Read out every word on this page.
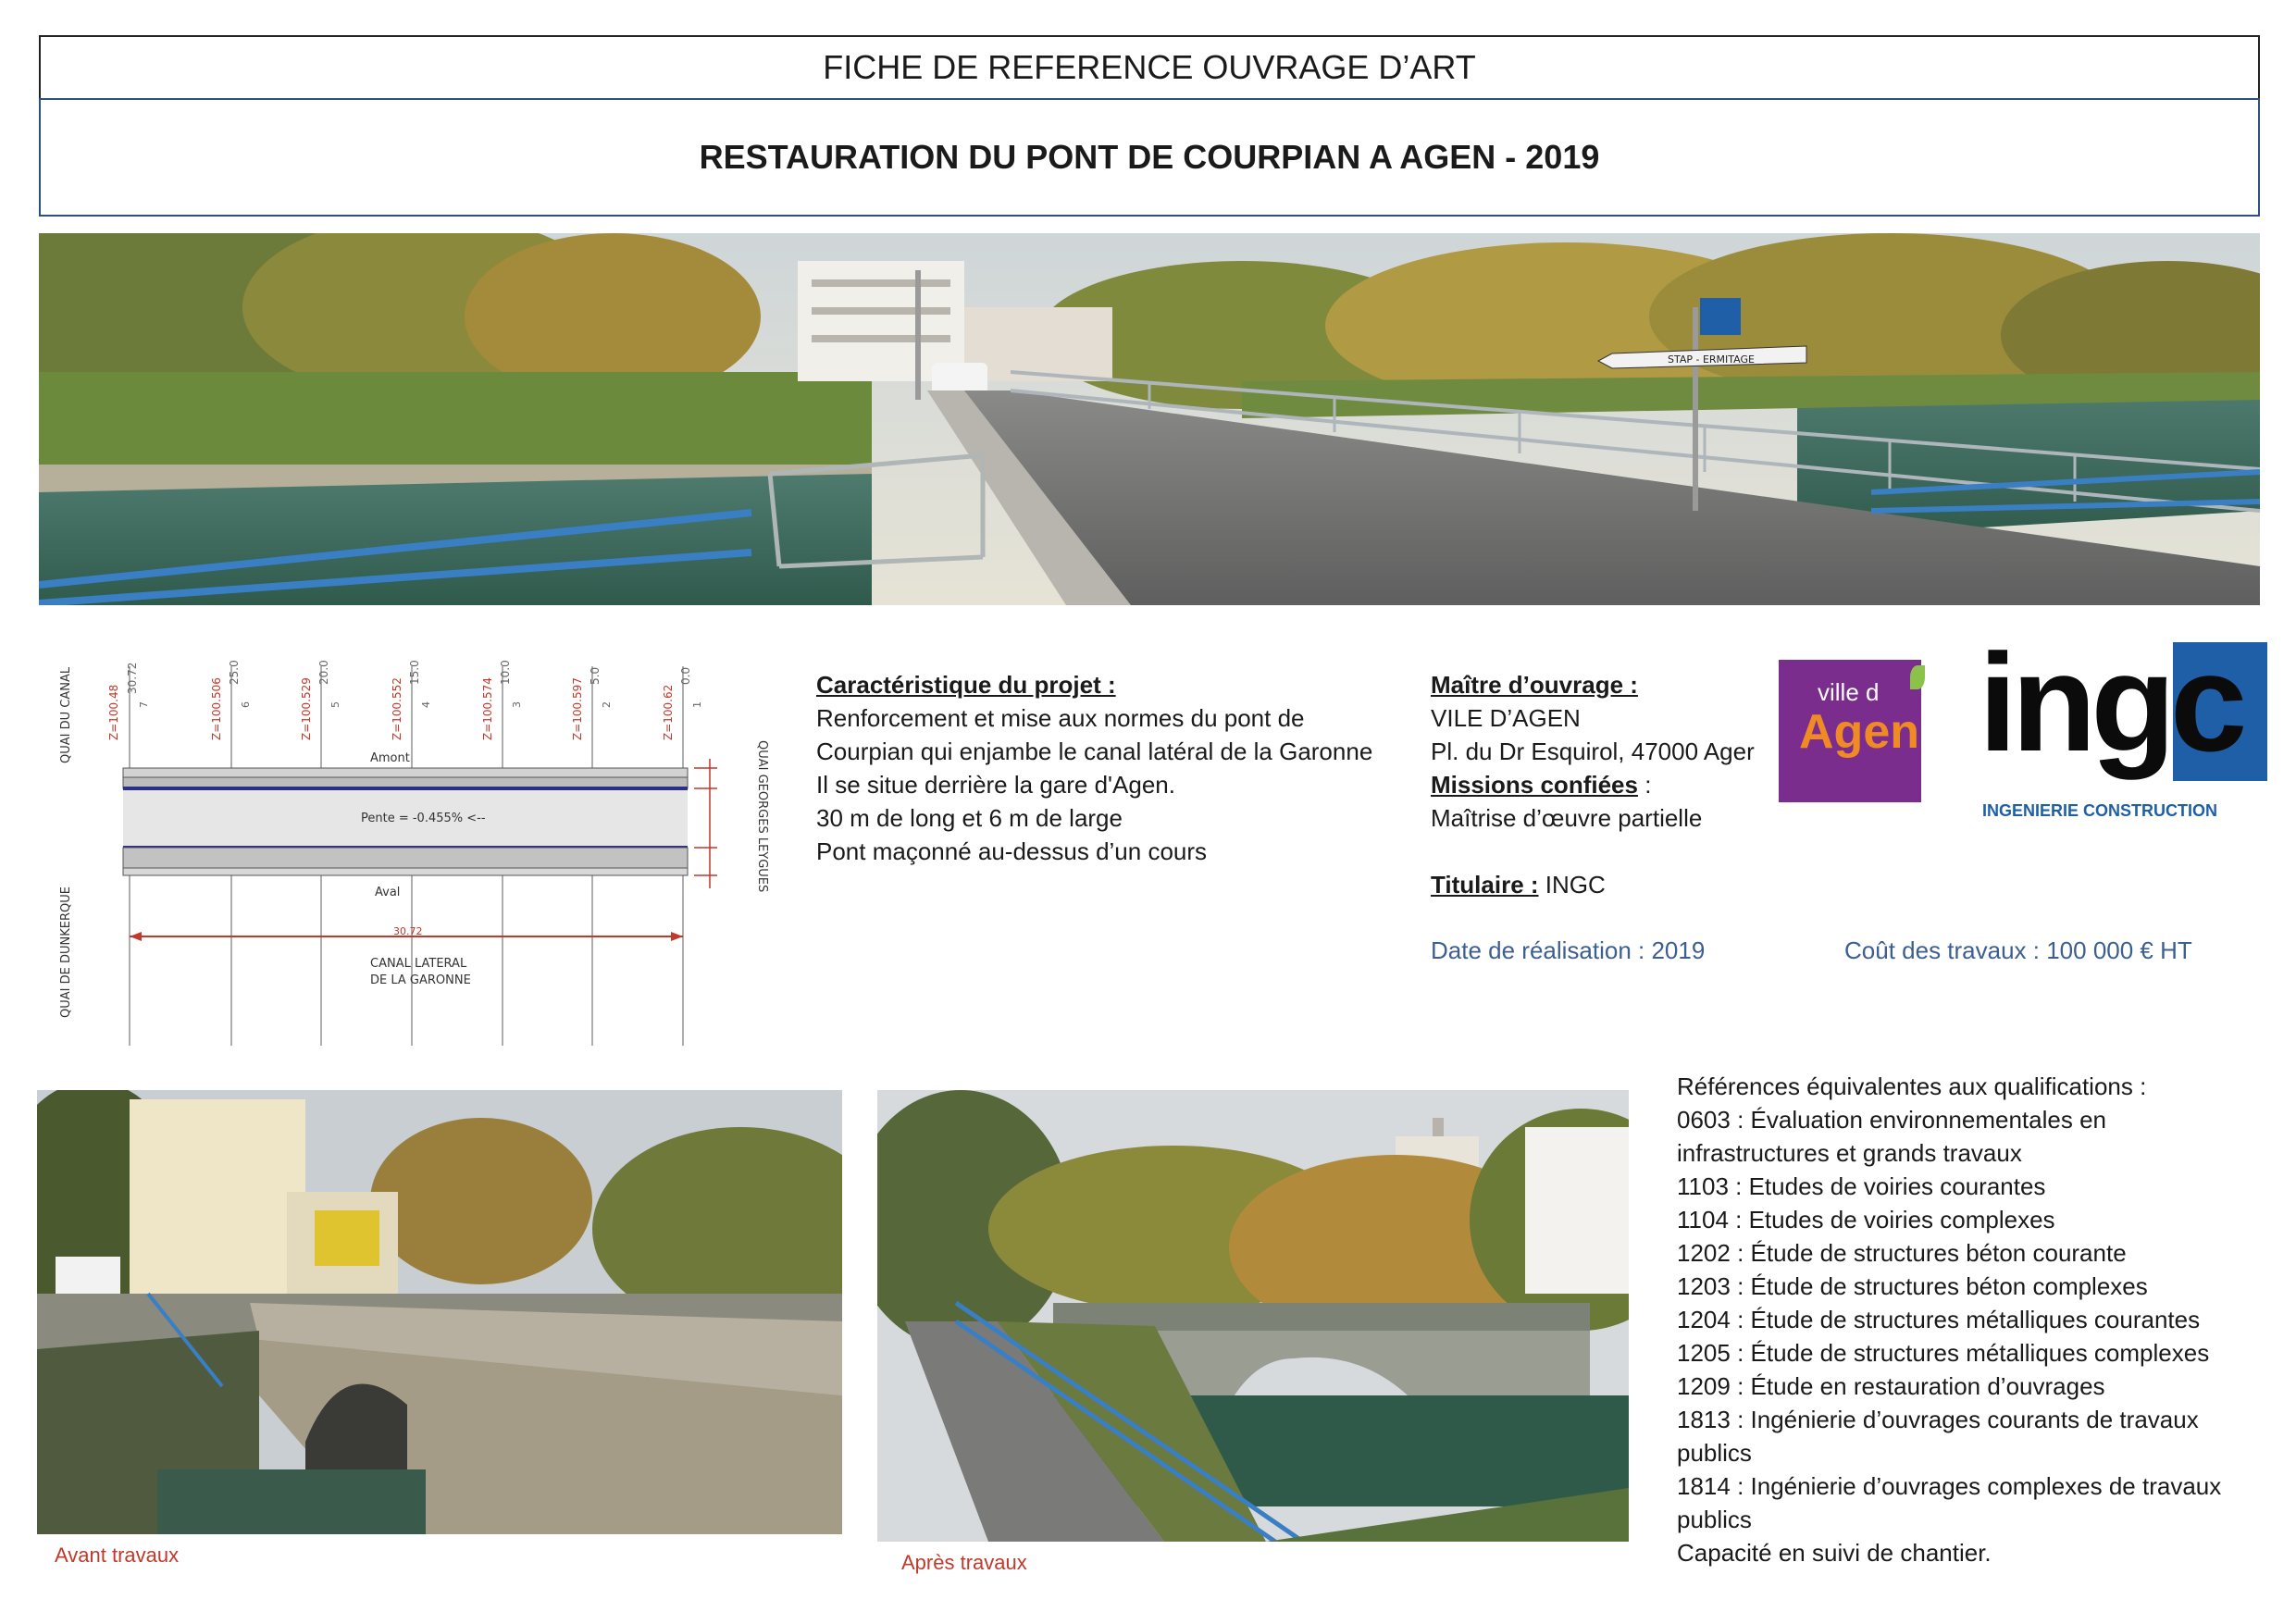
FICHE DE REFERENCE OUVRAGE D’ART
RESTAURATION DU PONT DE COURPIAN A AGEN - 2019
STAP - ERMITAGE
30.72
Amont
Pente = -0.455% <--
Aval
CANAL LATERAL
DE LA GARONNE
QUAI DU CANAL
QUAI DE DUNKERQUE
QUAI GEORGES LEYGUES
Z=100.48	Z=100.506	Z=100.529	Z=100.552	Z=100.574	Z=100.597	Z=100.62
30.72	25.0	20.0	15.0	10.0	5.0	0.0
7	6	5	4	3	2	1
Caractéristique du projet :
Renforcement et mise aux normes du pont de
Courpian qui enjambe le canal latéral de la Garonne
Il se situe derrière la gare d'Agen.
30 m de long et 6 m de large
Pont maçonné au-dessus d’un cours
Maître d’ouvrage :
VILE D’AGEN
Pl. du Dr Esquirol, 47000 Ager
Missions confiées :
Maîtrise d’œuvre partielle
Titulaire : INGC
Date de réalisation : 2019	Coût des travaux : 100 000 € HT
ville d
Agen ingc
INGENIERIE CONSTRUCTION
Avant travaux	Après travaux
Références équivalentes aux qualifications :
0603 : Évaluation environnementales en
infrastructures et grands travaux
1103 : Etudes de voiries courantes
1104 : Etudes de voiries complexes
1202 : Étude de structures béton courante
1203 : Étude de structures béton complexes
1204 : Étude de structures métalliques courantes
1205 : Étude de structures métalliques complexes
1209 : Étude en restauration d’ouvrages
1813 : Ingénierie d’ouvrages courants de travaux
publics
1814 : Ingénierie d’ouvrages complexes de travaux
publics
Capacité en suivi de chantier.
